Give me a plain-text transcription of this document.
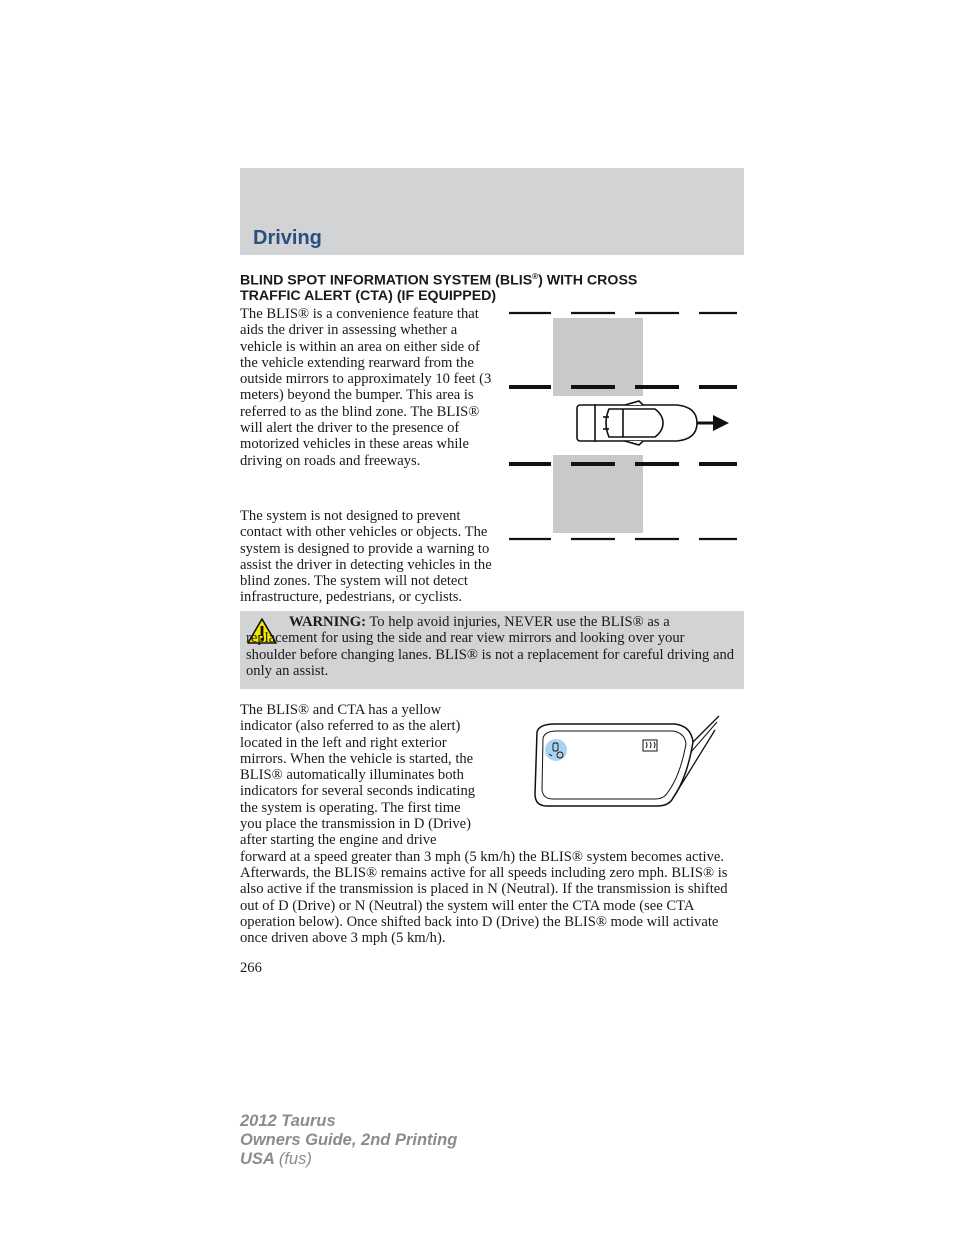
Driving
BLIND SPOT INFORMATION SYSTEM (BLIS®) WITH CROSS
TRAFFIC ALERT (CTA) (IF EQUIPPED)

The BLIS® is a convenience feature that aids the driver in assessing whether a vehicle is within an area on either side of the vehicle extending rearward from the outside mirrors to approximately 10 feet (3 meters) beyond the bumper. This area is referred to as the blind zone. The BLIS® will alert the driver to the presence of motorized vehicles in these areas while driving on roads and freeways.

The system is not designed to prevent contact with other vehicles or objects. The system is designed to provide a warning to assist the driver in detecting vehicles in the blind zones. The system will not detect infrastructure, pedestrians, or cyclists.

WARNING: To help avoid injuries, NEVER use the BLIS® as a replacement for using the side and rear view mirrors and looking over your shoulder before changing lanes. BLIS® is not a replacement for careful driving and only an assist.

The BLIS® and CTA has a yellow indicator (also referred to as the alert) located in the left and right exterior mirrors. When the vehicle is started, the BLIS® automatically illuminates both indicators for several seconds indicating the system is operating. The first time you place the transmission in D (Drive) after starting the engine and drive forward at a speed greater than 3 mph (5 km/h) the BLIS® system becomes active. Afterwards, the BLIS® remains active for all speeds including zero mph. BLIS® is also active if the transmission is placed in N (Neutral). If the transmission is shifted out of D (Drive) or N (Neutral) the system will enter the CTA mode (see CTA operation below). Once shifted back into D (Drive) the BLIS® mode will activate once driven above 3 mph (5 km/h).

266
2012 Taurus
Owners Guide, 2nd Printing
USA (fus)
